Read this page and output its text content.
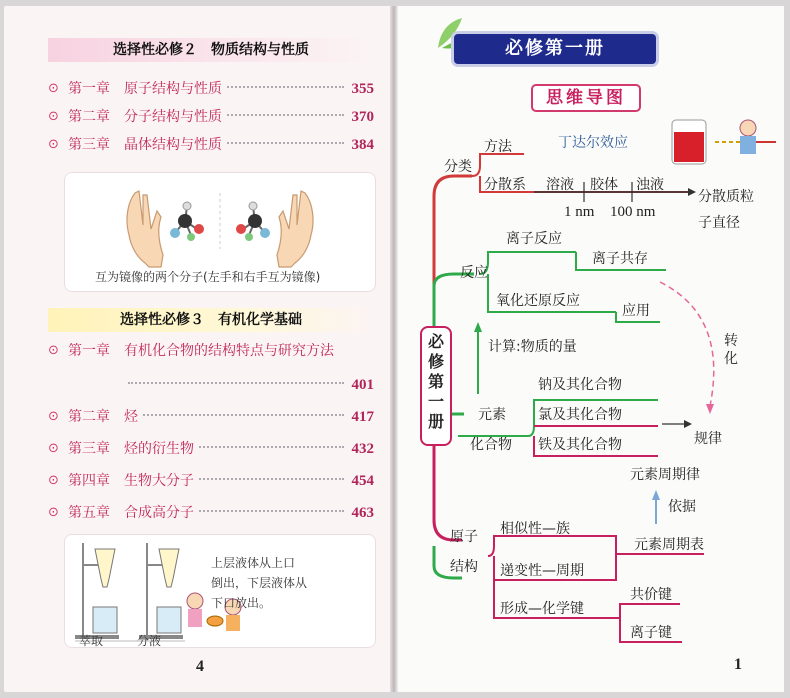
选择性必修２　物质结构与性质
⊙ 第一章　原子结构与性质	355
⊙ 第二章　分子结构与性质	370
⊙ 第三章　晶体结构与性质	384
互为镜像的两个分子(左手和右手互为镜像)
选择性必修３　有机化学基础
⊙ 第一章　有机化合物的结构特点与研究方法
401
⊙ 第二章　烃	417
⊙ 第三章　烃的衍生物	432
⊙ 第四章　生物大分子	454
⊙ 第五章　合成高分子	463
上层液体从上口
倒出，下层液体从
下口放出。
萃取	分液
4
必修第一册
思维导图
必修第一册
分类
方法	丁达尔效应
分散系 溶液 胶体 浊液
分散质粒
子直径
1 nm 100 nm
反应
离子反应
离子共存
氧化还原反应
应用
计算:物质的量	转化
元素
化合物
钠及其化合物
氯及其化合物
铁及其化合物	规律
元素周期律
依据
原子
结构
相似性—族
递变性—周期
元素周期表
形成—化学键
共价键
离子键
1
